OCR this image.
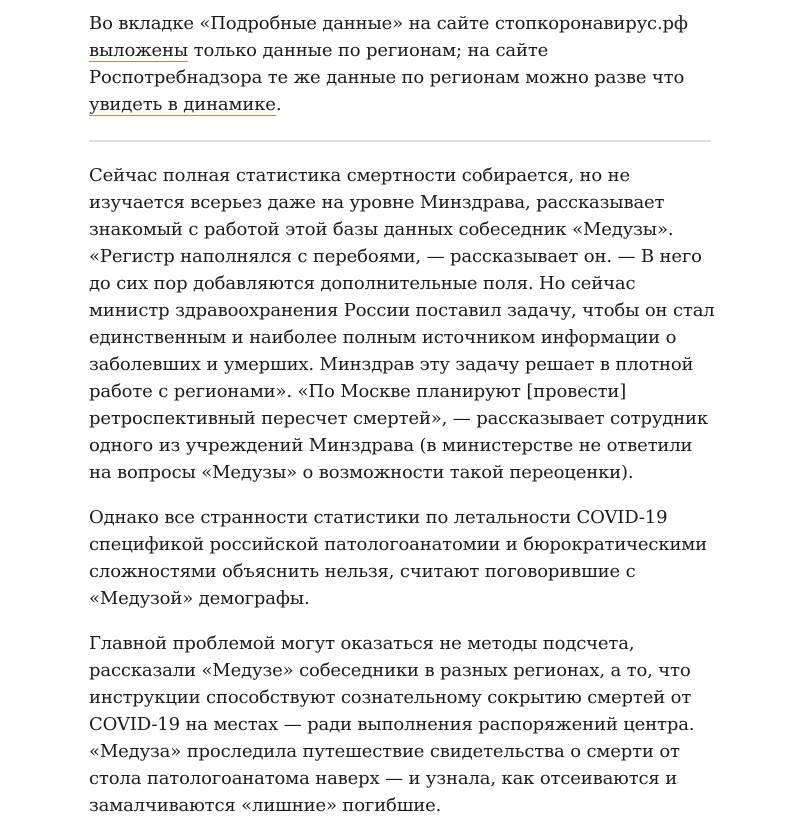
Во вкладке «Подробные данные» на сайте стопкоронавирус.рф выложены только данные по регионам; на сайте Роспотребнадзора те же данные по регионам можно разве что увидеть в динамике.

Сейчас полная статистика смертности собирается, но не изучается всерьез даже на уровне Минздрава, рассказывает знакомый с работой этой базы данных собеседник «Медузы». «Регистр наполнялся с перебоями, — рассказывает он. — В него до сих пор добавляются дополнительные поля. Но сейчас министр здравоохранения России поставил задачу, чтобы он стал единственным и наиболее полным источником информации о заболевших и умерших. Минздрав эту задачу решает в плотной работе с регионами». «По Москве планируют [провести] ретроспективный пересчет смертей», — рассказывает сотрудник одного из учреждений Минздрава (в министерстве не ответили на вопросы «Медузы» о возможности такой переоценки).

Однако все странности статистики по летальности COVID-19 спецификой российской патологоанатомии и бюрократическими сложностями объяснить нельзя, считают поговорившие с «Медузой» демографы.

Главной проблемой могут оказаться не методы подсчета, рассказали «Медузе» собеседники в разных регионах, а то, что инструкции способствуют сознательному сокрытию смертей от COVID-19 на местах — ради выполнения распоряжений центра. «Медуза» проследила путешествие свидетельства о смерти от стола патологоанатома наверх — и узнала, как отсеиваются и замалчиваются «лишние» погибшие.
